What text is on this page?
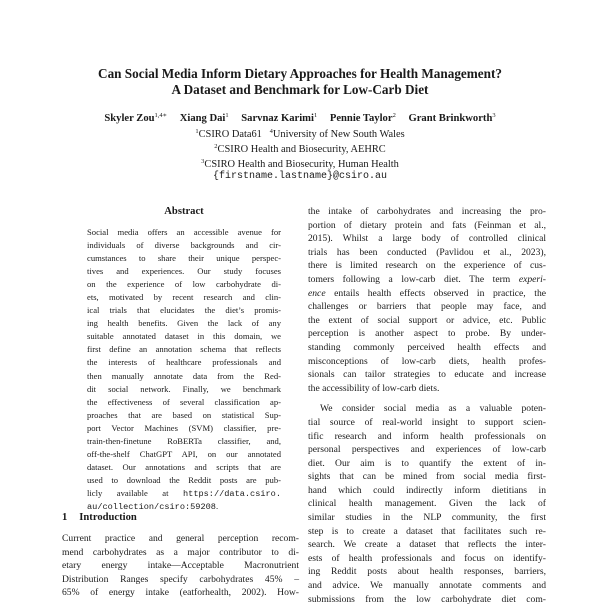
Can Social Media Inform Dietary Approaches for Health Management?
A Dataset and Benchmark for Low-Carb Diet
Skyler Zou$^{1,4∗}$ Xiang Dai$^1$ Sarvnaz Karimi$^1$ Pennie Taylor$^2$ Grant Brinkworth$^3$
$^1$CSIRO Data61 $^4$University of New South Wales
$^2$CSIRO Health and Biosecurity, AEHRC
$^3$CSIRO Health and Biosecurity, Human Health
{firstname.lastname}@csiro.au
Abstract
Social media offers an accessible avenue for
individuals of diverse backgrounds and cir-
cumstances to share their unique perspec-
tives and experiences. Our study focuses
on the experience of low carbohydrate di-
ets, motivated by recent research and clin-
ical trials that elucidates the diet’s promis-
ing health benefits. Given the lack of any
suitable annotated dataset in this domain, we
first define an annotation schema that reflects
the interests of healthcare professionals and
then manually annotate data from the Red-
dit social network. Finally, we benchmark
the effectiveness of several classification ap-
proaches that are based on statistical Sup-
port Vector Machines (SVM) classifier, pre-
train-then-finetune RoBERTa classifier, and,
off-the-shelf ChatGPT API, on our annotated
dataset. Our annotations and scripts that are
used to download the Reddit posts are pub-
licly available at https://data.csiro.
au/collection/csiro:59208.
1 Introduction
Current practice and general perception recom-
mend carbohydrates as a major contributor to di-
etary energy intake—Acceptable Macronutrient
Distribution Ranges specify carbohydrates 45% –
65% of energy intake (eatforhealth, 2002). How-
the intake of carbohydrates and increasing the pro-
portion of dietary protein and fats (Feinman et al.,
2015). Whilst a large body of controlled clinical
trials has been conducted (Pavlidou et al., 2023),
there is limited research on the experience of cus-
tomers following a low-carb diet. The term experi-
ence entails health effects observed in practice, the
challenges or barriers that people may face, and
the extent of social support or advice, etc. Public
perception is another aspect to probe. By under-
standing commonly perceived health effects and
misconceptions of low-carb diets, health profes-
sionals can tailor strategies to educate and increase
the accessibility of low-carb diets.
We consider social media as a valuable poten-
tial source of real-world insight to support scien-
tific research and inform health professionals on
personal perspectives and experiences of low-carb
diet. Our aim is to quantify the extent of in-
sights that can be mined from social media first-
hand which could indirectly inform dietitians in
clinical health management. Given the lack of
similar studies in the NLP community, the first
step is to create a dataset that facilitates such re-
search. We create a dataset that reflects the inter-
ests of health professionals and focus on identify-
ing Reddit posts about health responses, barriers,
and advice. We manually annotate comments and
submissions from the low carbohydrate diet com-
